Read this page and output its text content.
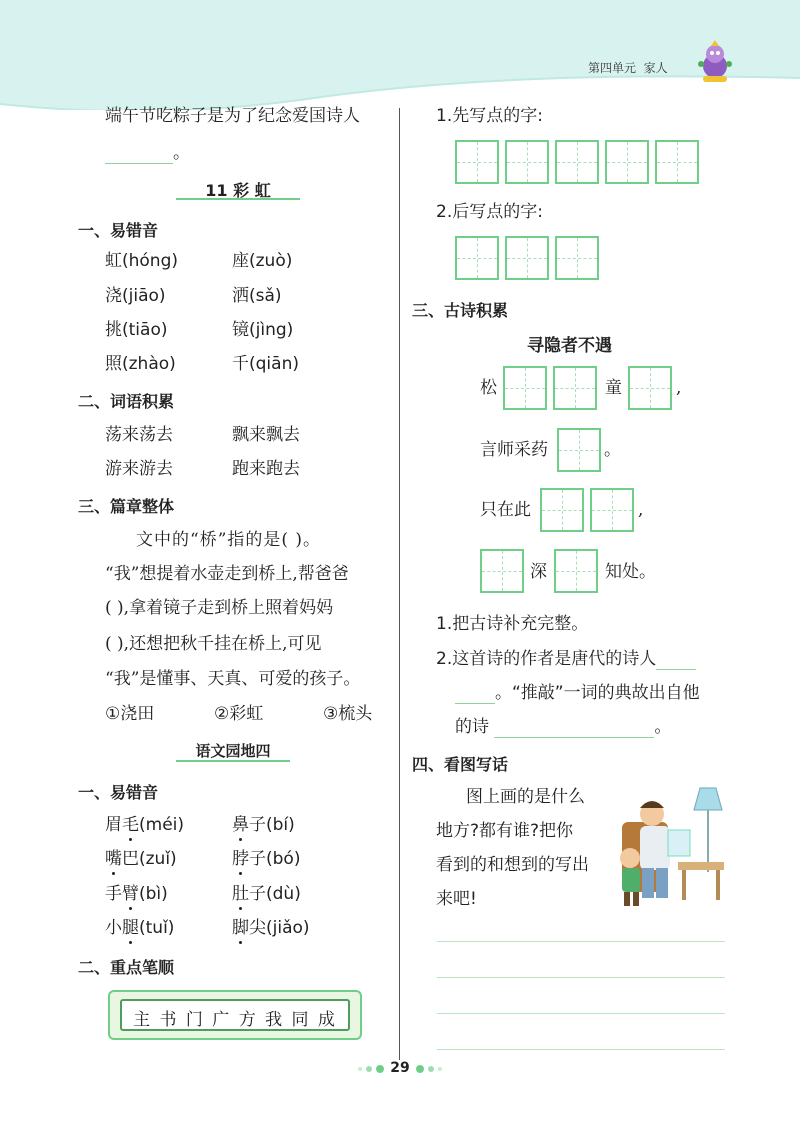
第四单元 家人
端午节吃粽子是为了纪念爱国诗人
。
11 彩 虹
一、易错音
虹(hóng)	座(zuò)
浇(jiāo)	洒(sǎ)
挑(tiāo)	镜(jìng)
照(zhào)	千(qiān)
二、词语积累
荡来荡去	飘来飘去
游来游去	跑来跑去
三、篇章整体
文中的“桥”指的是( )。
“我”想提着水壶走到桥上,帮爸爸
( ),拿着镜子走到桥上照着妈妈
( ),还想把秋千挂在桥上,可见
“我”是懂事、天真、可爱的孩子。
①浇田	②彩虹	③梳头
语文园地四
一、易错音
眉毛(méi)	鼻子(bí)
嘴巴(zuǐ)	脖子(bó)
手臂(bì)	肚子(dù)
小腿(tuǐ)	脚尖(jiǎo)
二、重点笔顺
主 书 门 广 方 我 同 成
1.先写点的字:
2.后写点的字:
三、古诗积累
寻隐者不遇
松	童	,
言师采药	。
只在此	,
深	知处。
1.把古诗补充完整。
2.这首诗的作者是唐代的诗人
。“推敲”一词的典故出自他
的诗	。
四、看图写话
图上画的是什么
地方?都有谁?把你
看到的和想到的写出
来吧!
29
